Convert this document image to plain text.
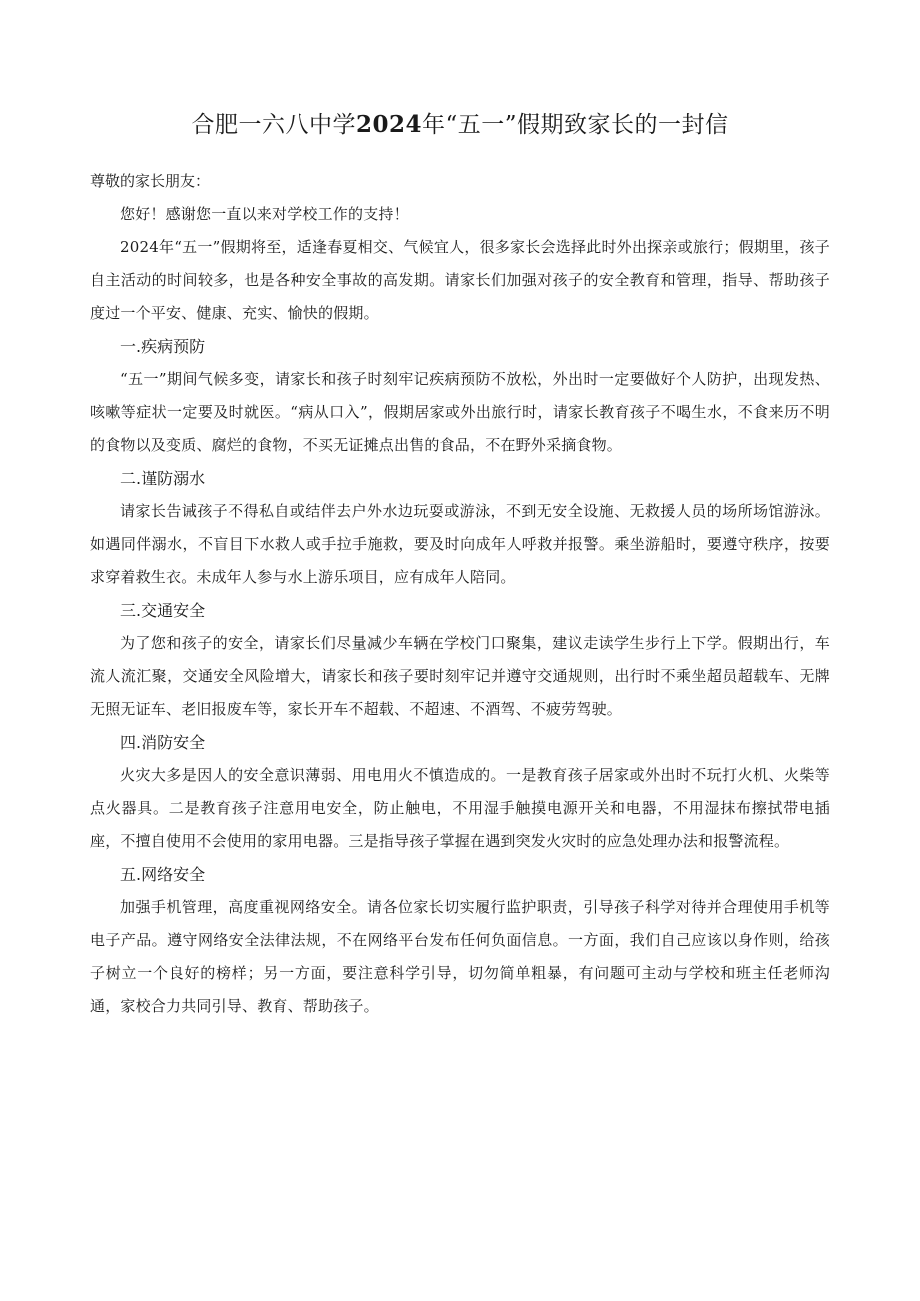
合肥一六八中学2024年“五一”假期致家长的一封信

尊敬的家长朋友：

您好！感谢您一直以来对学校工作的支持！

2024年“五一”假期将至，适逢春夏相交、气候宜人，很多家长会选择此时外出探亲或旅行；假期里，孩子自主活动的时间较多，也是各种安全事故的高发期。请家长们加强对孩子的安全教育和管理，指导、帮助孩子度过一个平安、健康、充实、愉快的假期。

一.疾病预防

“五一”期间气候多变，请家长和孩子时刻牢记疾病预防不放松，外出时一定要做好个人防护，出现发热、咳嗽等症状一定要及时就医。“病从口入”，假期居家或外出旅行时，请家长教育孩子不喝生水，不食来历不明的食物以及变质、腐烂的食物，不买无证摊点出售的食品，不在野外采摘食物。

二.谨防溺水

请家长告诫孩子不得私自或结伴去户外水边玩耍或游泳，不到无安全设施、无救援人员的场所场馆游泳。如遇同伴溺水，不盲目下水救人或手拉手施救，要及时向成年人呼救并报警。乘坐游船时，要遵守秩序，按要求穿着救生衣。未成年人参与水上游乐项目，应有成年人陪同。

三.交通安全

为了您和孩子的安全，请家长们尽量减少车辆在学校门口聚集，建议走读学生步行上下学。假期出行，车流人流汇聚，交通安全风险增大，请家长和孩子要时刻牢记并遵守交通规则，出行时不乘坐超员超载车、无牌无照无证车、老旧报废车等，家长开车不超载、不超速、不酒驾、不疲劳驾驶。

四.消防安全

火灾大多是因人的安全意识薄弱、用电用火不慎造成的。一是教育孩子居家或外出时不玩打火机、火柴等点火器具。二是教育孩子注意用电安全，防止触电，不用湿手触摸电源开关和电器，不用湿抹布擦拭带电插座，不擅自使用不会使用的家用电器。三是指导孩子掌握在遇到突发火灾时的应急处理办法和报警流程。

五.网络安全

加强手机管理，高度重视网络安全。请各位家长切实履行监护职责，引导孩子科学对待并合理使用手机等电子产品。遵守网络安全法律法规，不在网络平台发布任何负面信息。一方面，我们自己应该以身作则，给孩子树立一个良好的榜样；另一方面，要注意科学引导，切勿简单粗暴，有问题可主动与学校和班主任老师沟通，家校合力共同引导、教育、帮助孩子。
